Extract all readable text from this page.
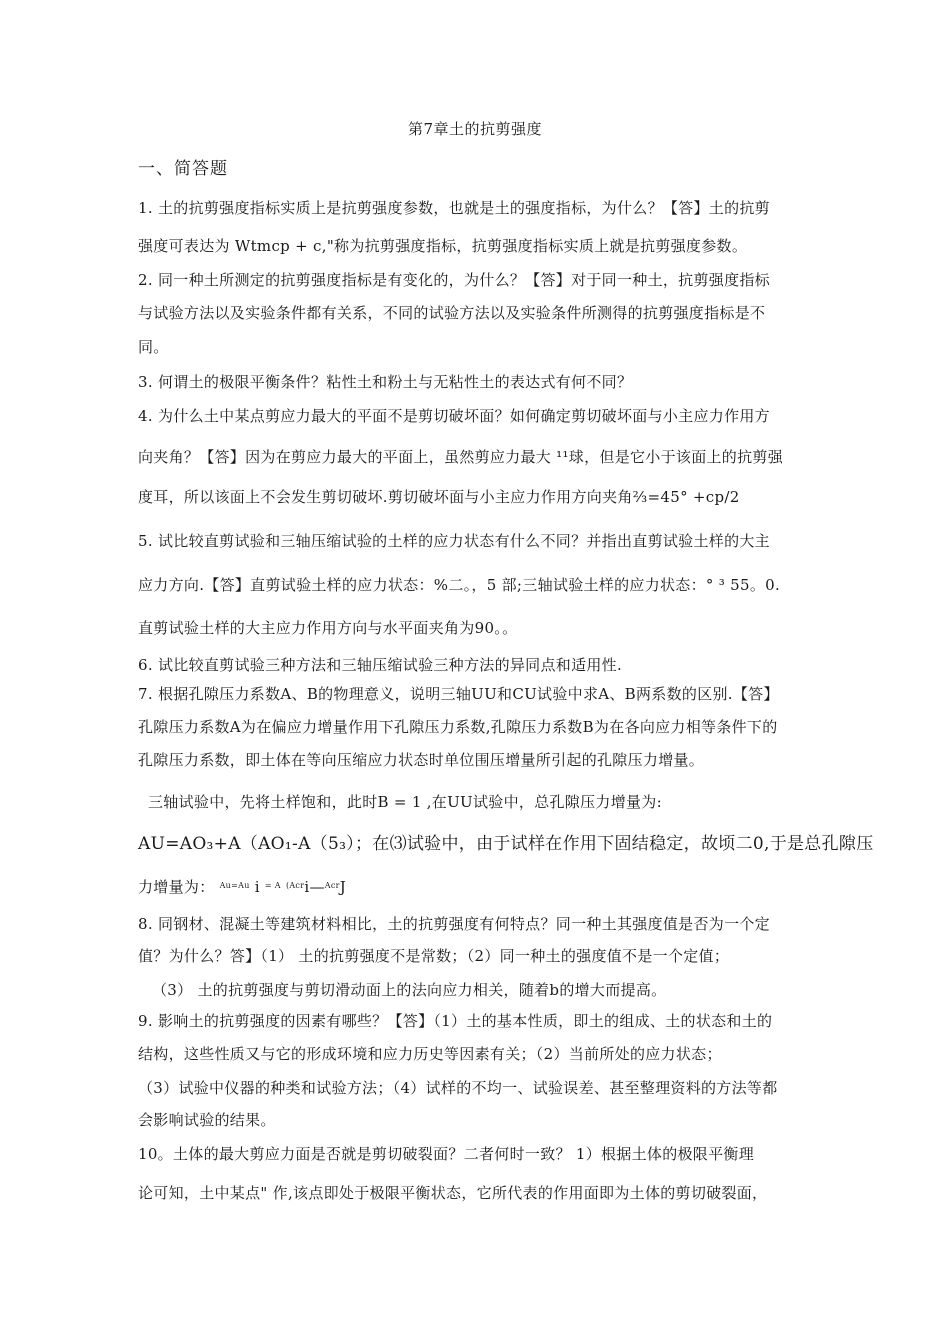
第7章土的抗剪强度
一、简答题
1. 土的抗剪强度指标实质上是抗剪强度参数，也就是土的强度指标，为什么？【答】土的抗剪
强度可表达为 Wtmcp + c,"称为抗剪强度指标，抗剪强度指标实质上就是抗剪强度参数。
2. 同一种土所测定的抗剪强度指标是有变化的，为什么？【答】对于同一种土，抗剪强度指标
与试验方法以及实验条件都有关系，不同的试验方法以及实验条件所测得的抗剪强度指标是不
同。
3. 何谓土的极限平衡条件？粘性土和粉土与无粘性土的表达式有何不同？
4. 为什么土中某点剪应力最大的平面不是剪切破坏面？如何确定剪切破坏面与小主应力作用方
向夹角？【答】因为在剪应力最大的平面上，虽然剪应力最大 ¹¹球，但是它小于该面上的抗剪强
度耳，所以该面上不会发生剪切破坏.剪切破坏面与小主应力作用方向夹角⅔=45° +cp/2
5. 试比较直剪试验和三轴压缩试验的土样的应力状态有什么不同？并指出直剪试验土样的大主
应力方向.【答】直剪试验土样的应力状态：%二。，5 部;三轴试验土样的应力状态：° ³ 55。0.
直剪试验土样的大主应力作用方向与水平面夹角为90。。
6. 试比较直剪试验三种方法和三轴压缩试验三种方法的异同点和适用性.
7. 根据孔隙压力系数A、B的物理意义，说明三轴UU和CU试验中求A、B两系数的区别.【答】
孔隙压力系数A为在偏应力增量作用下孔隙压力系数,孔隙压力系数B为在各向应力相等条件下的
孔隙压力系数，即土体在等向压缩应力状态时单位围压增量所引起的孔隙压力增量。
三轴试验中，先将土样饱和，此时B = 1 ,在UU试验中，总孔隙压力增量为:
AU=AO₃+A（AO₁-A（5₃）；在⑶试验中，由于试样在作用下固结稳定，故顷二0,于是总孔隙压
力增量为： $^{Au=Au}$ i $^{= A}$ $^{(Acr}$i—$^{Acr}$J
8. 同钢材、混凝土等建筑材料相比，土的抗剪强度有何特点？同一种土其强度值是否为一个定
值？为什么？答】（1） 土的抗剪强度不是常数；（2）同一种土的强度值不是一个定值；
（3） 土的抗剪强度与剪切滑动面上的法向应力相关，随着b的增大而提高。
9. 影响土的抗剪强度的因素有哪些？【答】（1）土的基本性质，即土的组成、土的状态和土的
结构，这些性质又与它的形成环境和应力历史等因素有关；（2）当前所处的应力状态；
（3）试验中仪器的种类和试验方法；（4）试样的不均一、试验误差、甚至整理资料的方法等都
会影响试验的结果。
10。土体的最大剪应力面是否就是剪切破裂面？二者何时一致？ 1）根据土体的极限平衡理
论可知，土中某点" 作,该点即处于极限平衡状态，它所代表的作用面即为土体的剪切破裂面，
